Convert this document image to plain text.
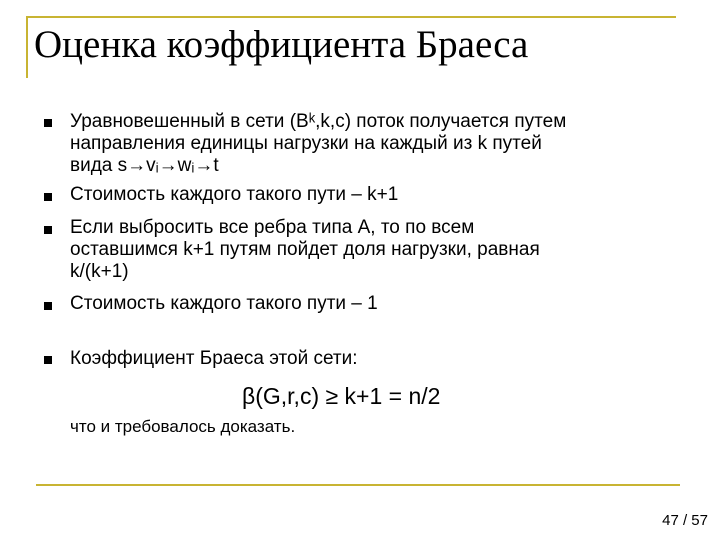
Оценка коэффициента Браеса
Уравновешенный в сети (Bᵏ,k,c) поток получается путем
направления единицы нагрузки на каждый из k путей
вида s→vᵢ→wᵢ→t
Стоимость каждого такого пути – k+1
Если выбросить все ребра типа A, то по всем
оставшимся k+1 путям пойдет доля нагрузки, равная
k/(k+1)
Стоимость каждого такого пути – 1
Коэффициент Браеса этой сети:
β(G,r,c) ≥ k+1 = n/2
что и требовалось доказать.
47 / 57
